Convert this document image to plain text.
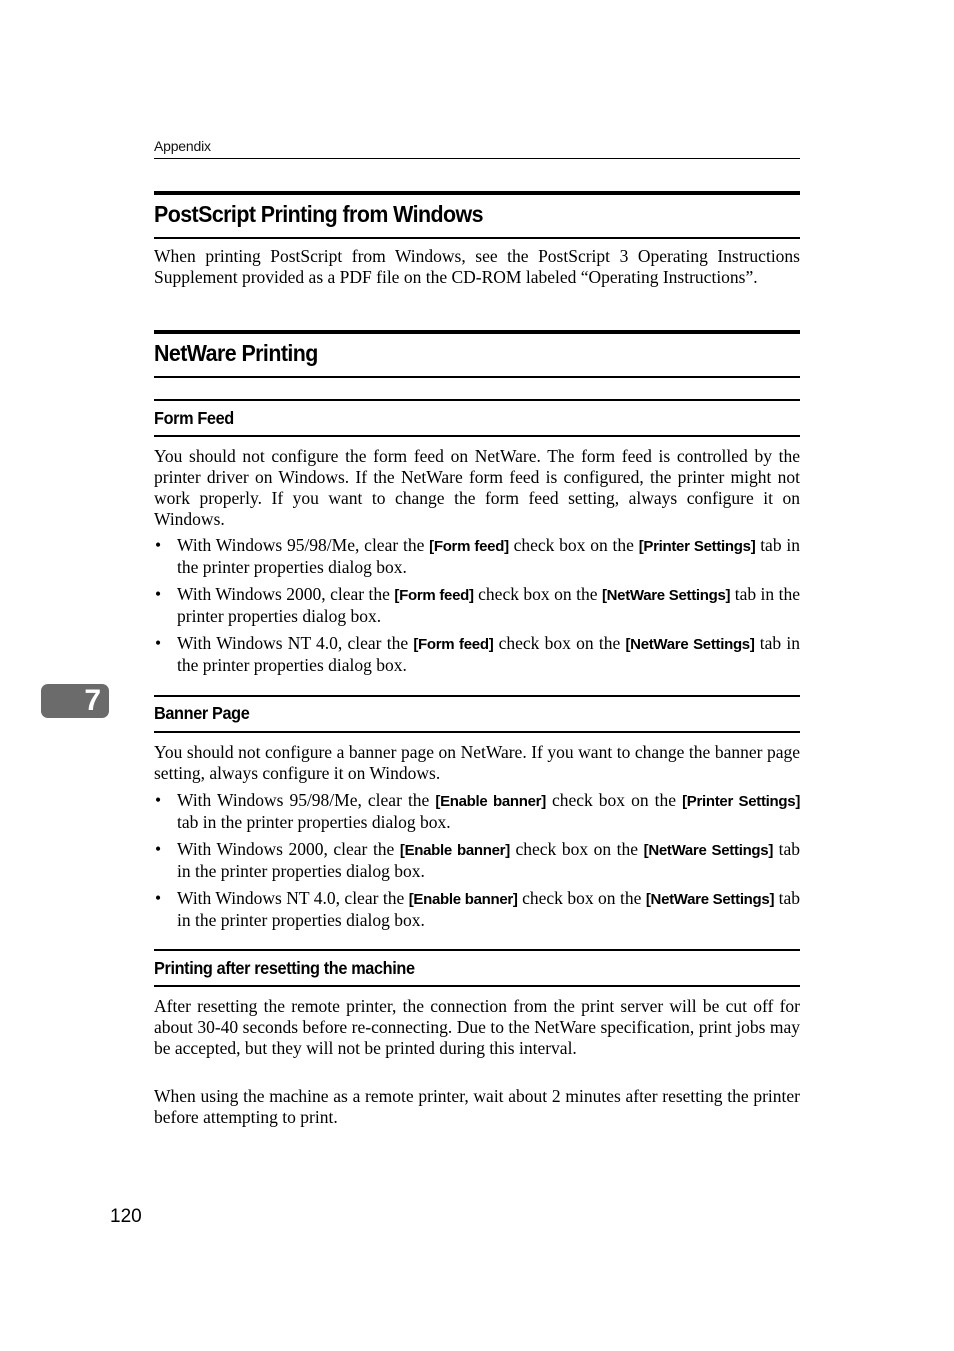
Appendix
PostScript Printing from Windows

When printing PostScript from Windows, see the PostScript 3 Operating Instructions Supplement provided as a PDF file on the CD-ROM labeled “Operating Instructions”.

NetWare Printing
Form Feed

You should not configure the form feed on NetWare. The form feed is controlled by the printer driver on Windows. If the NetWare form feed is configured, the printer might not work properly. If you want to change the form feed setting, always configure it on Windows.

• With Windows 95/98/Me, clear the [Form feed] check box on the [Printer Settings] tab in the printer properties dialog box.
• With Windows 2000, clear the [Form feed] check box on the [NetWare Settings] tab in the printer properties dialog box.
• With Windows NT 4.0, clear the [Form feed] check box on the [NetWare Settings] tab in the printer properties dialog box.
7	Banner Page

You should not configure a banner page on NetWare. If you want to change the banner page setting, always configure it on Windows.

• With Windows 95/98/Me, clear the [Enable banner] check box on the [Printer Settings] tab in the printer properties dialog box.
• With Windows 2000, clear the [Enable banner] check box on the [NetWare Settings] tab in the printer properties dialog box.
• With Windows NT 4.0, clear the [Enable banner] check box on the [NetWare Settings] tab in the printer properties dialog box.
Printing after resetting the machine

After resetting the remote printer, the connection from the print server will be cut off for about 30-40 seconds before re-connecting. Due to the NetWare specification, print jobs may be accepted, but they will not be printed during this interval.

When using the machine as a remote printer, wait about 2 minutes after resetting the printer before attempting to print.

120
